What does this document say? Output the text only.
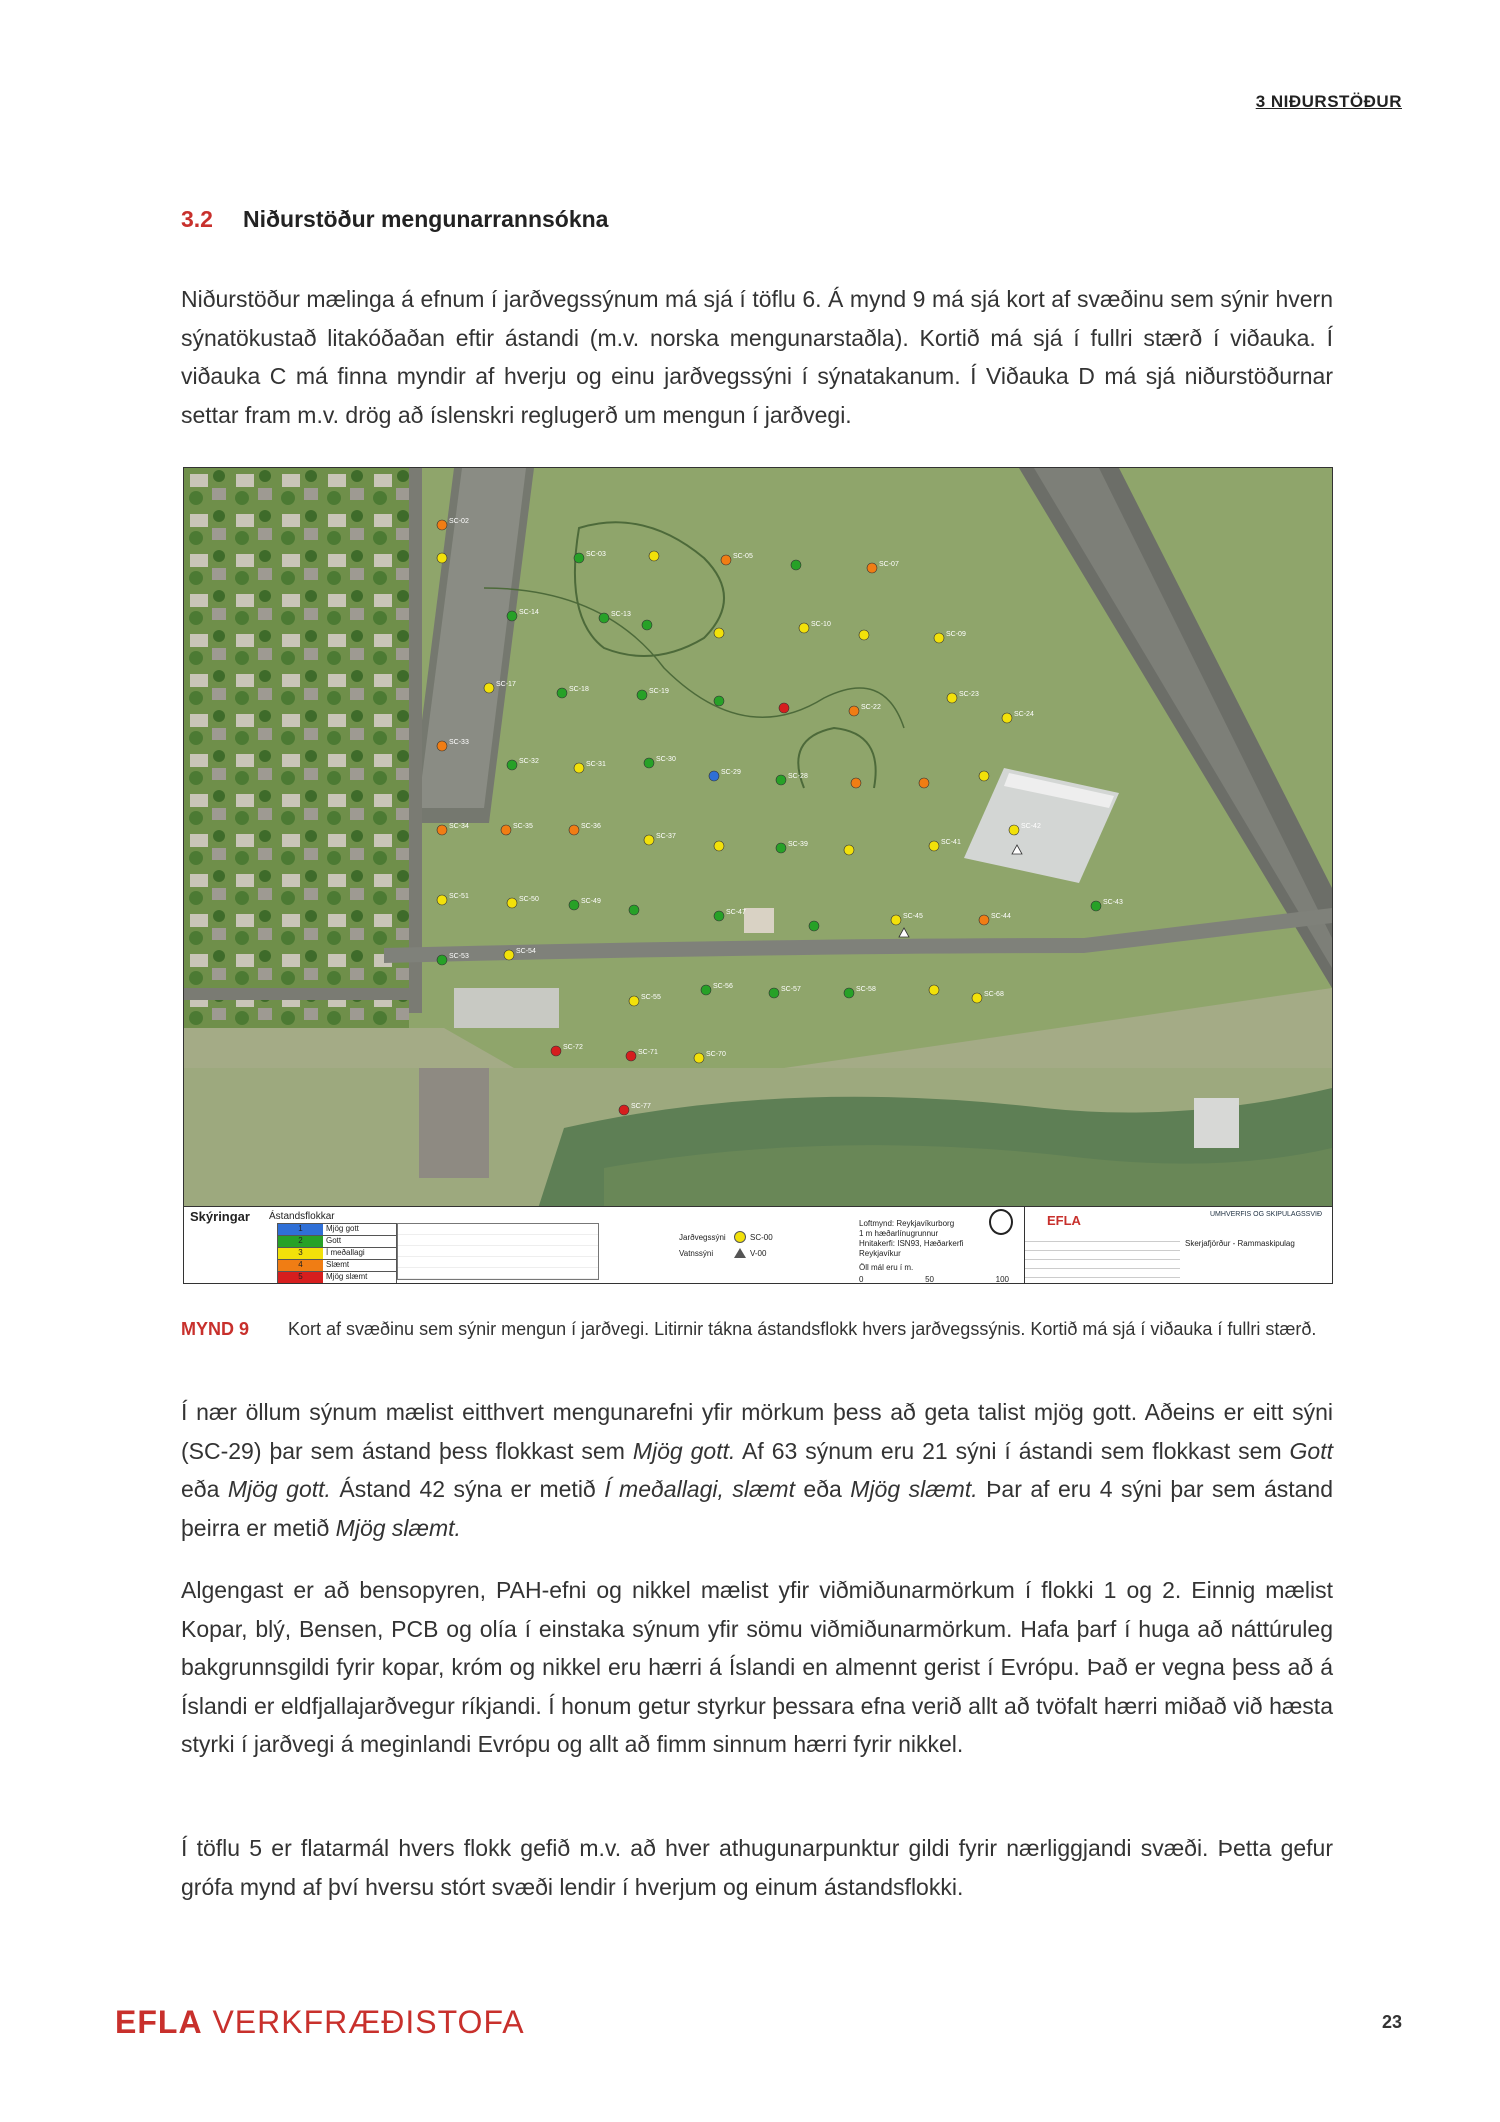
3 NIÐURSTÖÐUR
3.2 Niðurstöður mengunarrannsókna
Niðurstöður mælinga á efnum í jarðvegssýnum má sjá í töflu 6. Á mynd 9 má sjá kort af svæðinu sem sýnir hvern sýnatökustað litakóðaðan eftir ástandi (m.v. norska mengunarstaðla). Kortið má sjá í fullri stærð í viðauka. Í viðauka C má finna myndir af hverju og einu jarðvegssýni í sýnatakanum. Í Viðauka D má sjá niðurstöðurnar settar fram m.v. drög að íslenskri reglugerð um mengun í jarðvegi.
Skýringar Ástandsflokkar
1	Mjög gott
2	Gott
3	Í meðallagi
4	Slæmt
5	Mjög slæmt
Jarðvegssýni	SC-00
Vatnssýni	V-00
Loftmynd: Reykjavíkurborg
1 m hæðarlínugrunnur
Hnitakerfi: ISN93, Hæðarkerfi Reykjavíkur
Öll mál eru í m.
0	50	100
EFLA	UMHVERFIS OG SKIPULAGSSVIÐ
Skerjafjörður - Rammaskipulag
SC-02
SC-03	SC-05
SC-07
SC-14	SC-13
SC-10
SC-09
SC-17
SC-18	SC-19
SC-22
SC-23
SC-24
SC-33
SC-32	SC-31
SC-30
SC-29
SC-28
SC-34	SC-35	SC-36
SC-37
SC-39	SC-41
SC-42
SC-51	SC-50	SC-49
SC-47
SC-45	SC-44
SC-43
SC-53
SC-54
SC-55
SC-56	SC-57	SC-58
SC-68
SC-72
SC-71	SC-70
SC-77
MYND 9 Kort af svæðinu sem sýnir mengun í jarðvegi. Litirnir tákna ástandsflokk hvers jarðvegssýnis. Kortið má sjá í viðauka í fullri stærð.
Í nær öllum sýnum mælist eitthvert mengunarefni yfir mörkum þess að geta talist mjög gott. Aðeins er eitt sýni (SC-29) þar sem ástand þess flokkast sem Mjög gott. Af 63 sýnum eru 21 sýni í ástandi sem flokkast sem Gott eða Mjög gott. Ástand 42 sýna er metið Í meðallagi, slæmt eða Mjög slæmt. Þar af eru 4 sýni þar sem ástand þeirra er metið Mjög slæmt.
Algengast er að bensopyren, PAH-efni og nikkel mælist yfir viðmiðunarmörkum í flokki 1 og 2. Einnig mælist Kopar, blý, Bensen, PCB og olía í einstaka sýnum yfir sömu viðmiðunarmörkum. Hafa þarf í huga að náttúruleg bakgrunnsgildi fyrir kopar, króm og nikkel eru hærri á Íslandi en almennt gerist í Evrópu. Það er vegna þess að á Íslandi er eldfjallajarðvegur ríkjandi. Í honum getur styrkur þessara efna verið allt að tvöfalt hærri miðað við hæsta styrki í jarðvegi á meginlandi Evrópu og allt að fimm sinnum hærri fyrir nikkel.
Í töflu 5 er flatarmál hvers flokk gefið m.v. að hver athugunarpunktur gildi fyrir nærliggjandi svæði. Þetta gefur grófa mynd af því hversu stórt svæði lendir í hverjum og einum ástandsflokki.
EFLA VERKFRÆÐISTOFA	23
